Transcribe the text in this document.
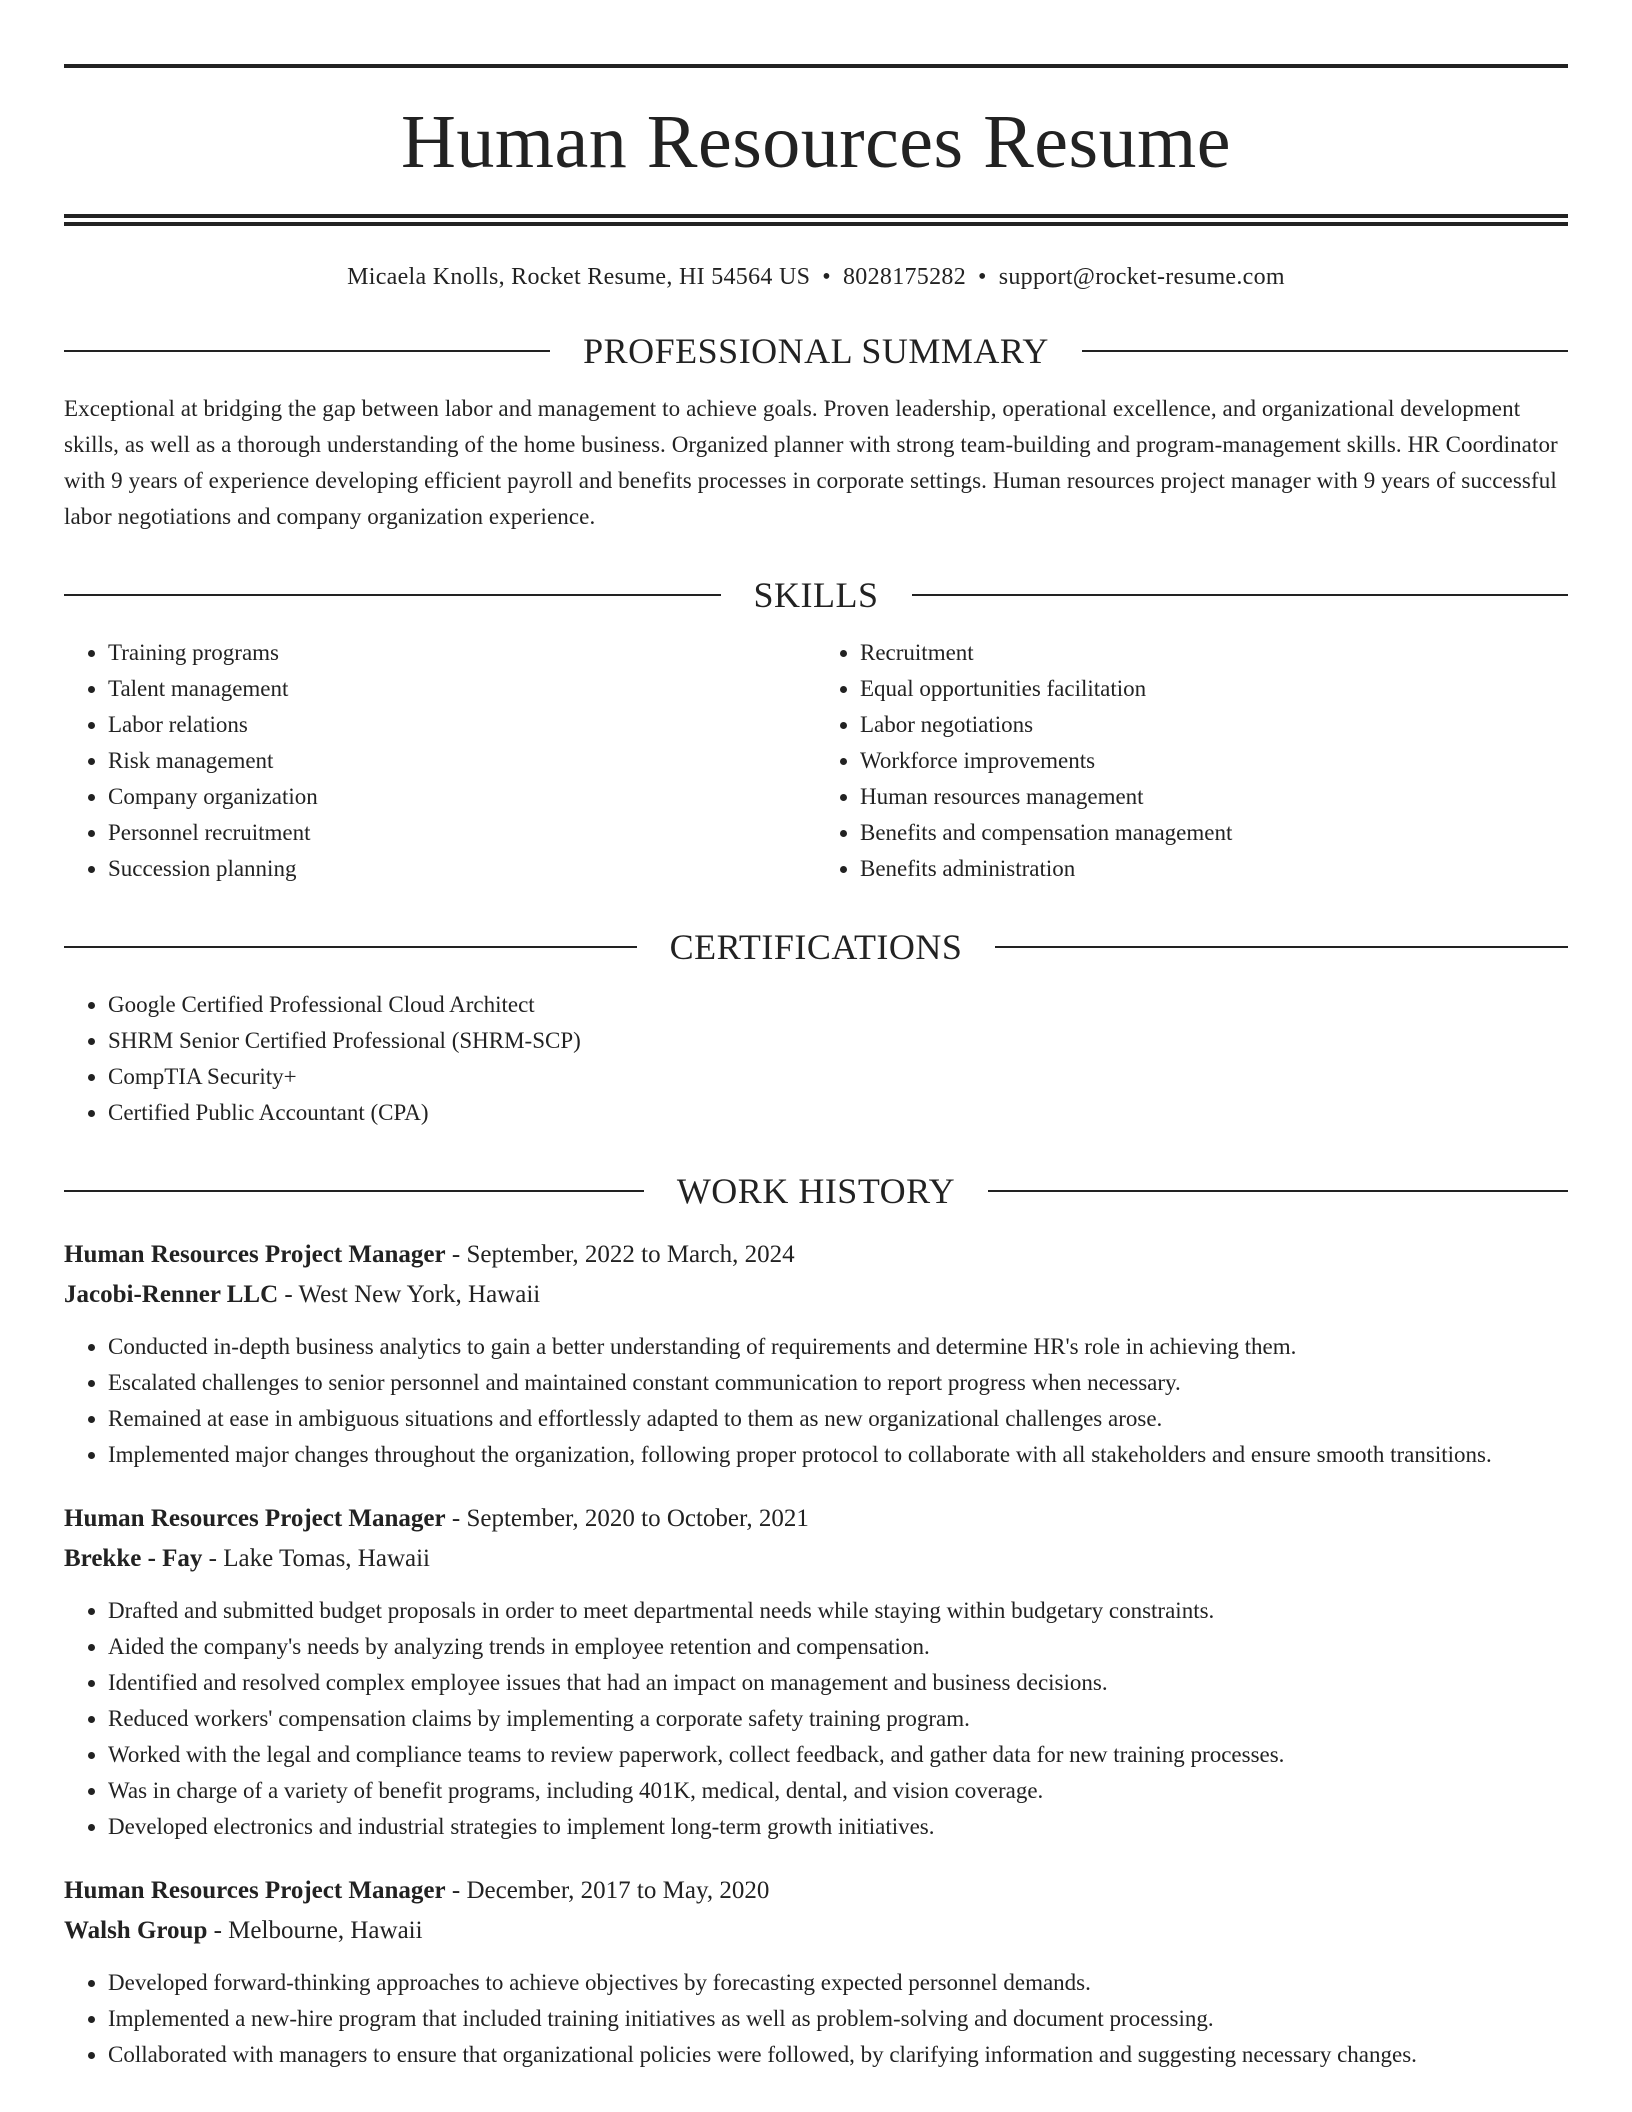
Human Resources Resume
Micaela Knolls, Rocket Resume, HI 54564 US • 8028175282 • support@rocket-resume.com
PROFESSIONAL SUMMARY
Exceptional at bridging the gap between labor and management to achieve goals. Proven leadership, operational excellence, and organizational development skills, as well as a thorough understanding of the home business. Organized planner with strong team-building and program-management skills. HR Coordinator with 9 years of experience developing efficient payroll and benefits processes in corporate settings. Human resources project manager with 9 years of successful labor negotiations and company organization experience.
SKILLS
• Training programs
• Talent management
• Labor relations
• Risk management
• Company organization
• Personnel recruitment
• Succession planning
• Recruitment
• Equal opportunities facilitation
• Labor negotiations
• Workforce improvements
• Human resources management
• Benefits and compensation management
• Benefits administration
CERTIFICATIONS
• Google Certified Professional Cloud Architect
• SHRM Senior Certified Professional (SHRM-SCP)
• CompTIA Security+
• Certified Public Accountant (CPA)
WORK HISTORY
Human Resources Project Manager - September, 2022 to March, 2024
Jacobi-Renner LLC - West New York, Hawaii
• Conducted in-depth business analytics to gain a better understanding of requirements and determine HR's role in achieving them.
• Escalated challenges to senior personnel and maintained constant communication to report progress when necessary.
• Remained at ease in ambiguous situations and effortlessly adapted to them as new organizational challenges arose.
• Implemented major changes throughout the organization, following proper protocol to collaborate with all stakeholders and ensure smooth transitions.
Human Resources Project Manager - September, 2020 to October, 2021
Brekke - Fay - Lake Tomas, Hawaii
• Drafted and submitted budget proposals in order to meet departmental needs while staying within budgetary constraints.
• Aided the company's needs by analyzing trends in employee retention and compensation.
• Identified and resolved complex employee issues that had an impact on management and business decisions.
• Reduced workers' compensation claims by implementing a corporate safety training program.
• Worked with the legal and compliance teams to review paperwork, collect feedback, and gather data for new training processes.
• Was in charge of a variety of benefit programs, including 401K, medical, dental, and vision coverage.
• Developed electronics and industrial strategies to implement long-term growth initiatives.
Human Resources Project Manager - December, 2017 to May, 2020
Walsh Group - Melbourne, Hawaii
• Developed forward-thinking approaches to achieve objectives by forecasting expected personnel demands.
• Implemented a new-hire program that included training initiatives as well as problem-solving and document processing.
• Collaborated with managers to ensure that organizational policies were followed, by clarifying information and suggesting necessary changes.
